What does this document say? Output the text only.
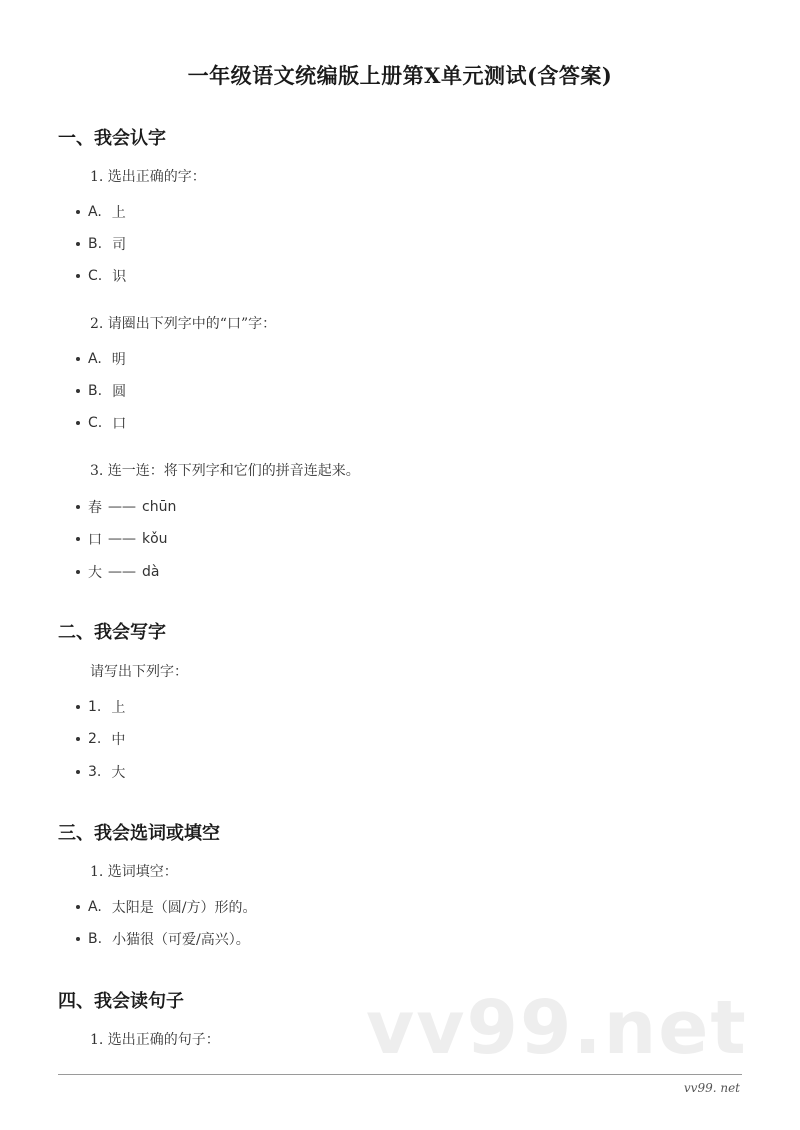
一年级语文统编版上册第X单元测试(含答案)
一、我会认字
1. 选出正确的字：
A. 上
B. 司
C. 识
2. 请圈出下列字中的“口”字：
A. 明
B. 圆
C. 口
3. 连一连：将下列字和它们的拼音连起来。
春 —— chūn
口 —— kǒu
大 —— dà
二、我会写字
请写出下列字：
1. 上
2. 中
3. 大
三、我会选词或填空
1. 选词填空：
A. 太阳是（圆/方）形的。
B. 小猫很（可爱/高兴）。
四、我会读句子
1. 选出正确的句子： vv99.net
vv99. net
